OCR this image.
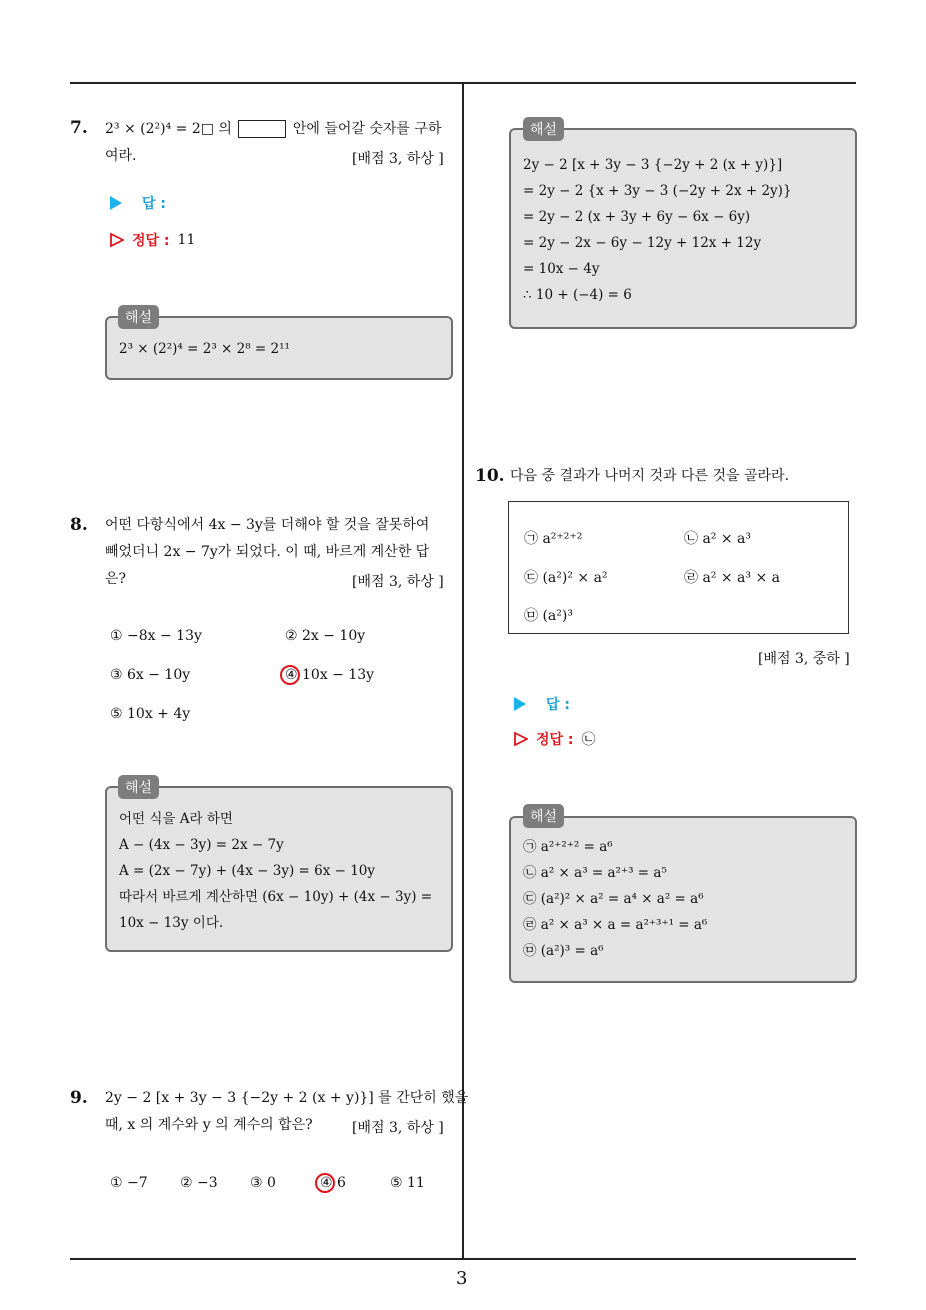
7. 2³ × (2²)⁴ = 2□ 의	안에 들어갈 숫자를 구하
여라.	[배점 3, 하상 ]
답 :
정답 : 11
2³ × (2²)⁴ = 2³ × 2⁸ = 2¹¹
해설
8. 어떤 다항식에서 4x − 3y를 더해야 할 것을 잘못하여
빼었더니 2x − 7y가 되었다. 이 때, 바르게 계산한 답
은?	[배점 3, 하상 ]
① −8x − 13y	② 2x − 10y
③ 6x − 10y	④ 10x − 13y
⑤ 10x + 4y
어떤 식을 A라 하면
A − (4x − 3y) = 2x − 7y
A = (2x − 7y) + (4x − 3y) = 6x − 10y
따라서 바르게 계산하면 (6x − 10y) + (4x − 3y) =
10x − 13y 이다.
해설
9. 2y − 2 [x + 3y − 3 {−2y + 2 (x + y)}] 를 간단히 했을
때, x 의 계수와 y 의 계수의 합은?	[배점 3, 하상 ]
① −7 ② −3 ③ 0	④ 6	⑤ 11
2y − 2 [x + 3y − 3 {−2y + 2 (x + y)}]
= 2y − 2 {x + 3y − 3 (−2y + 2x + 2y)}
= 2y − 2 (x + 3y + 6y − 6x − 6y)
= 2y − 2x − 6y − 12y + 12x + 12y
= 10x − 4y
∴ 10 + (−4) = 6
해설
10. 다음 중 결과가 나머지 것과 다른 것을 골라라.
㉠ a²⁺²⁺²	㉡ a² × a³
㉢ (a²)² × a²	㉣ a² × a³ × a
㉤ (a²)³
[배점 3, 중하 ]
답 :
정답 : ㉡
㉠ a²⁺²⁺² = a⁶
㉡ a² × a³ = a²⁺³ = a⁵
㉢ (a²)² × a² = a⁴ × a² = a⁶
㉣ a² × a³ × a = a²⁺³⁺¹ = a⁶
㉤ (a²)³ = a⁶
해설
3
